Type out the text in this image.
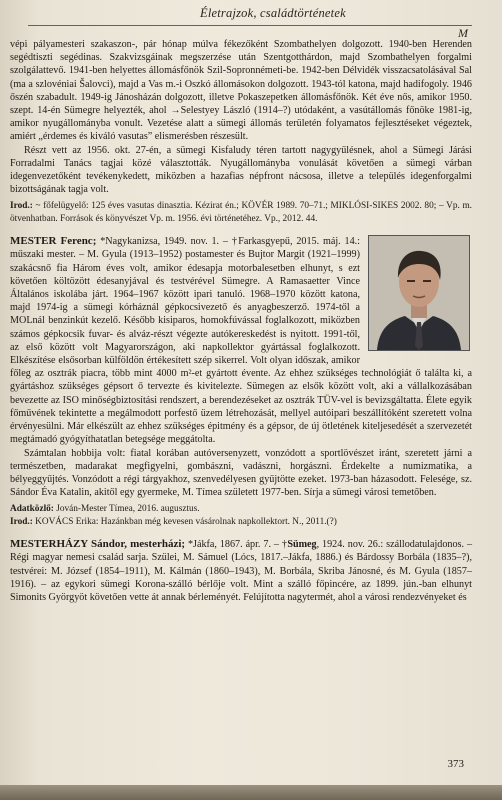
Életrajzok, családtörténetek
M

vépi pályamesteri szakaszon-, pár hónap múlva fékezőként Szombathelyen dolgozott. 1940-ben Herenden segédtiszti segédinas. Szakvizsgáinak megszerzése után Szentgotthárdon, majd Szombathelyen forgalmi szolgálattevő. 1941-ben helyettes állomásfőnök Szil-Sopronnémeti-be. 1942-ben Délvidék visszacsatolásával Sal (ma a szlovéniai Šalovci), majd a Vas m.-i Oszkó állomásokon dolgozott. 1943-tól katona, majd hadifogoly. 1946 őszén szabadult. 1949-ig Jánosházán dolgozott, illetve Pokaszepetken állomásfőnök. Két éve nős, amikor 1950. szept. 14-én Sümegre helyezték, ahol →Selestyey László (1914–?) utódaként, a vasútállomás főnöke 1981-ig, amikor nyugállományba vonult. Vezetése alatt a sümegi állomás területén folyamatos fejlesztéseket végeztek, amiért „érdemes és kiváló vasutas” elismerésben részesült.

Részt vett az 1956. okt. 27-én, a sümegi Kisfaludy téren tartott nagygyűlésnek, ahol a Sümegi Járási Forradalmi Tanács tagjai közé választották. Nyugállományba vonulását követően a sümegi várban idegenvezetőként tevékenykedett, miközben a hazafias népfront nácsosa, illetve a település idegenforgalmi bizottságának tagja volt.

Irod.: ~ főfelügyelő: 125 éves vasutas dinasztia. Kézirat én.; KÖVÉR 1989. 70–71.; MIKLÓSI-SIKES 2002. 80; – Vp. m. ötvenhatban. Források és könyvészet Vp. m. 1956. évi történetéhez. Vp., 2012. 44.

MESTER Ferenc; *Nagykanizsa, 1949. nov. 1. – †Farkasgyepű, 2015. máj. 14.: műszaki mester. – M. Gyula (1913–1952) postamester és Bujtor Margit (1921–1999) szakácsnő fia Három éves volt, amikor édesapja motorbalesetben elhunyt, s ezt követően költözött édesanyjával és testvérével Sümegre. A Ramasaetter Vince Általános iskolába járt. 1964–1967 között ipari tanuló. 1968–1970 között katona, majd 1974-ig a sümegi kórháznál gépkocsivezető és anyagbeszerző. 1974-től a MOLnál benzinkút kezelő. Később kisiparos, homokfúvással foglalkozott, miközben számos gépkocsik fuvar- és alváz-részt végezte autókereskedést is nyitott. 1991-től, az első között volt Magyarországon, aki napkollektor gyártással foglalkozott. Elkészítése elsősorban külföldön értékesített szép sikerrel. Volt olyan időszak, amikor főleg az osztrák piacra, több mint 4000 m²-et gyártott évente. Az ehhez szükséges technológiát ő találta ki, a gyártáshoz szükséges gépsort ő tervezte és kivitelezte. Sümegen az elsők között volt, aki a vállalkozásában bevezette az ISO minőségbiztosítási rendszert, a berendezéseket az osztrák TÜV-vel is bevizsgáltatta. Élete egyik főművének tekintette a megálmodott porfestő üzem létrehozását, mellyel autóipari beszállítóként szeretett volna érvényesülni. Már elkészült az ehhez szükséges épitmény és a gépsor, de új ötletének kiteljesedését a szervezetét megtámadó gyógyíthatatlan betegsége meggátolta.

Számtalan hobbija volt: fiatal korában autóversenyzett, vonzódott a sportlövészet iránt, szeretett járni a természetben, madarakat megfigyelni, gombászni, vadászni, horgászni. Érdekelte a numizmatika, a bélyeggyűjtés. Vonzódott a régi tárgyakhoz, szenvedélyesen gyűjtötte ezeket. 1973-ban házasodott. Felesége, sz. Sándor Éva Katalin, akitől egy gyermeke, M. Tímea született 1977-ben. Sírja a sümegi városi temetőben.

Adatközlő: Jován-Mester Tímea, 2016. augusztus.

Irod.: KOVÁCS Erika: Hazánkban még kevesen vásárolnak napkollektort. N., 2011.(?)

MESTERHÁZY Sándor, mesterházi; *Jákfa, 1867. ápr. 7. – †Sümeg, 1924. nov. 26.: szállodatulajdonos. – Régi magyar nemesi család sarja. Szülei, M. Sámuel (Lócs, 1817.–Jákfa, 1886.) és Bárdossy Borbála (1835–?), testvérei: M. József (1854–1911), M. Kálmán (1860–1943), M. Borbála, Skriba Jánosné, és M. Gyula (1857–1916). – az egykori sümegi Korona-szálló bérlője volt. Mint a szálló főpincére, az 1899. jún.-ban elhunyt Simonits Györgyöt követően vette át annak bérleményét. Felújította nagytermét, ahol a városi rendezvényeket és

373
